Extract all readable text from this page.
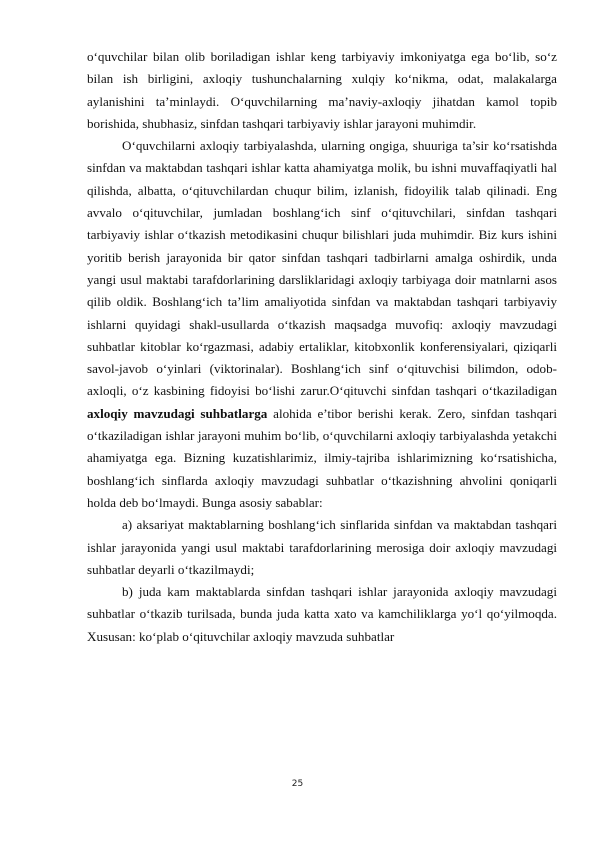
o‘quvchilar bilan olib boriladigan ishlar keng tarbiyaviy imkoniyatga ega bo‘lib, so‘z bilan ish birligini, axloqiy tushunchalarning xulqiy ko‘nikma, odat, malakalarga aylanishini ta’minlaydi. O‘quvchilarning ma’naviy-axloqiy jihatdan kamol topib borishida, shubhasiz, sinfdan tashqari tarbiyaviy ishlar jarayoni muhimdir.

O‘quvchilarni axloqiy tarbiyalashda, ularning ongiga, shuuriga ta’sir ko‘rsatishda sinfdan va maktabdan tashqari ishlar katta ahamiyatga molik, bu ishni muvaffaqiyatli hal qilishda, albatta, o‘qituvchilardan chuqur bilim, izlanish, fidoyilik talab qilinadi. Eng avvalo o‘qituvchilar, jumladan boshlang‘ich sinf o‘qituvchilari, sinfdan tashqari tarbiyaviy ishlar o‘tkazish metodikasini chuqur bilishlari juda muhimdir. Biz kurs ishini yoritib berish jarayonida bir qator sinfdan tashqari tadbirlarni amalga oshirdik, unda yangi usul maktabi tarafdorlarining darsliklaridagi axloqiy tarbiyaga doir matnlarni asos qilib oldik. Boshlang‘ich ta’lim amaliyotida sinfdan va maktabdan tashqari tarbiyaviy ishlarni quyidagi shakl-usullarda o‘tkazish maqsadga muvofiq: axloqiy mavzudagi suhbatlar kitoblar ko‘rgazmasi, adabiy ertaliklar, kitobxonlik konferensiyalari, qiziqarli savol-javob o‘yinlari (viktorinalar). Boshlang‘ich sinf o‘qituvchisi bilimdon, odob-axloqli, o‘z kasbining fidoyisi bo‘lishi zarur.O‘qituvchi sinfdan tashqari o‘tkaziladigan axloqiy mavzudagi suhbatlarga alohida e’tibor berishi kerak. Zero, sinfdan tashqari o‘tkaziladigan ishlar jarayoni muhim bo‘lib, o‘quvchilarni axloqiy tarbiyalashda yetakchi ahamiyatga ega. Bizning kuzatishlarimiz, ilmiy-tajriba ishlarimizning ko‘rsatishicha, boshlang‘ich sinflarda axloqiy mavzudagi suhbatlar o‘tkazishning ahvolini qoniqarli holda deb bo‘lmaydi. Bunga asosiy sabablar:

a) aksariyat maktablarning boshlang‘ich sinflarida sinfdan va maktabdan tashqari ishlar jarayonida yangi usul maktabi tarafdorlarining merosiga doir axloqiy mavzudagi suhbatlar deyarli o‘tkazilmaydi;

b) juda kam maktablarda sinfdan tashqari ishlar jarayonida axloqiy mavzudagi suhbatlar o‘tkazib turilsada, bunda juda katta xato va kamchiliklarga yo‘l qo‘yilmoqda. Xususan: ko‘plab o‘qituvchilar axloqiy mavzuda suhbatlar

25
